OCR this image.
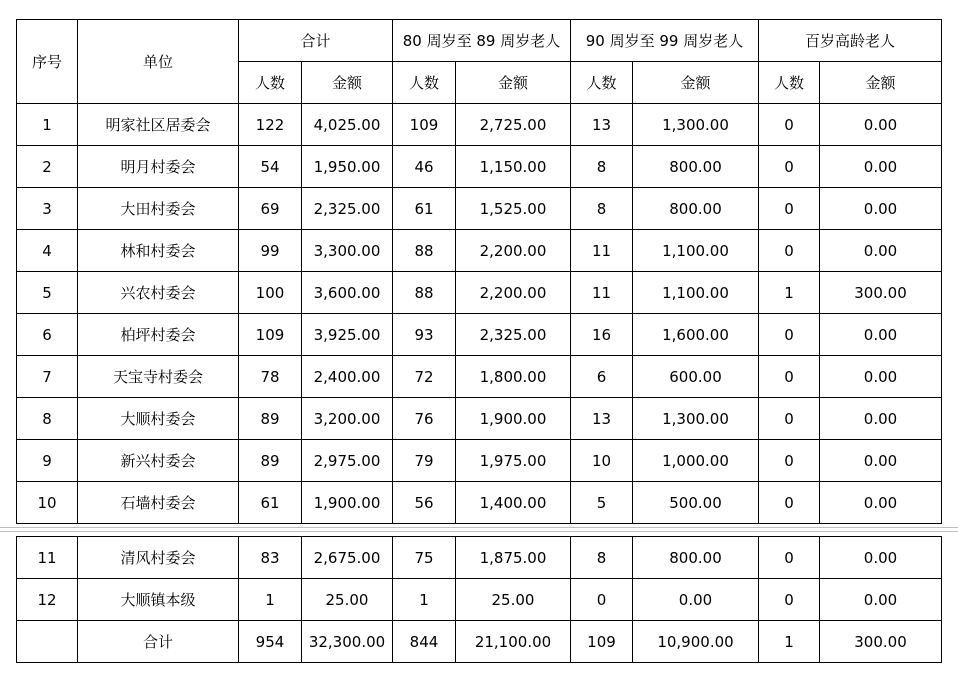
序号	单位	合计		80 周岁至 89 周岁老人		90 周岁至 99 周岁老人		百岁高龄老人	
		人数	金额	人数	金额	人数	金额	人数	金额
1	明家社区居委会	122	4,025.00	109	2,725.00	13	1,300.00	0	0.00
2	明月村委会	54	1,950.00	46	1,150.00	8	800.00	0	0.00
3	大田村委会	69	2,325.00	61	1,525.00	8	800.00	0	0.00
4	林和村委会	99	3,300.00	88	2,200.00	11	1,100.00	0	0.00
5	兴农村委会	100	3,600.00	88	2,200.00	11	1,100.00	1	300.00
6	柏坪村委会	109	3,925.00	93	2,325.00	16	1,600.00	0	0.00
7	天宝寺村委会	78	2,400.00	72	1,800.00	6	600.00	0	0.00
8	大顺村委会	89	3,200.00	76	1,900.00	13	1,300.00	0	0.00
9	新兴村委会	89	2,975.00	79	1,975.00	10	1,000.00	0	0.00
10	石墙村委会	61	1,900.00	56	1,400.00	5	500.00	0	0.00
11	清风村委会	83	2,675.00	75	1,875.00	8	800.00	0	0.00
12	大顺镇本级	1	25.00	1	25.00	0	0.00	0	0.00
	合计	954	32,300.00	844	21,100.00	109	10,900.00	1	300.00
